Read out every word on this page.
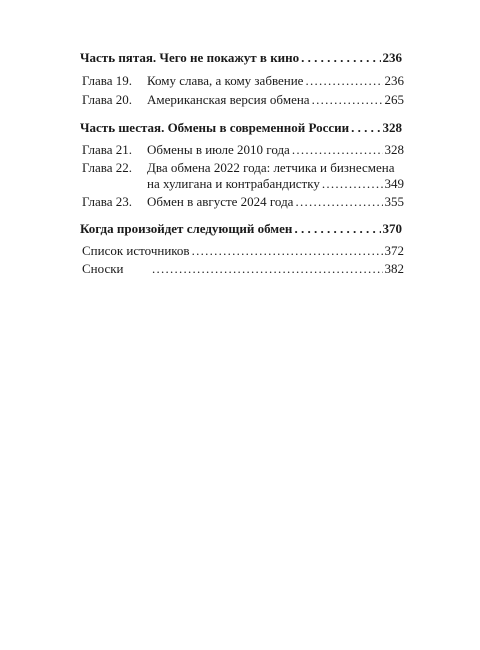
Часть пятая. Чего не покажут в кино . . .	236
Глава 19. Кому слава, а кому забвение . . .	236
Глава 20. Американская версия обмена . . .	265
Часть шестая. Обмены в современной России . . .	328
Глава 21. Обмены в июле 2010 года . . .	328
Глава 22. Два обмена 2022 года: летчика и бизнесмена
на хулигана и контрабандистку . . .	349
Глава 23. Обмен в августе 2024 года . . .	355
Когда произойдет следующий обмен . . .	370
Список источников . . .	372
Сноски . . .	382
